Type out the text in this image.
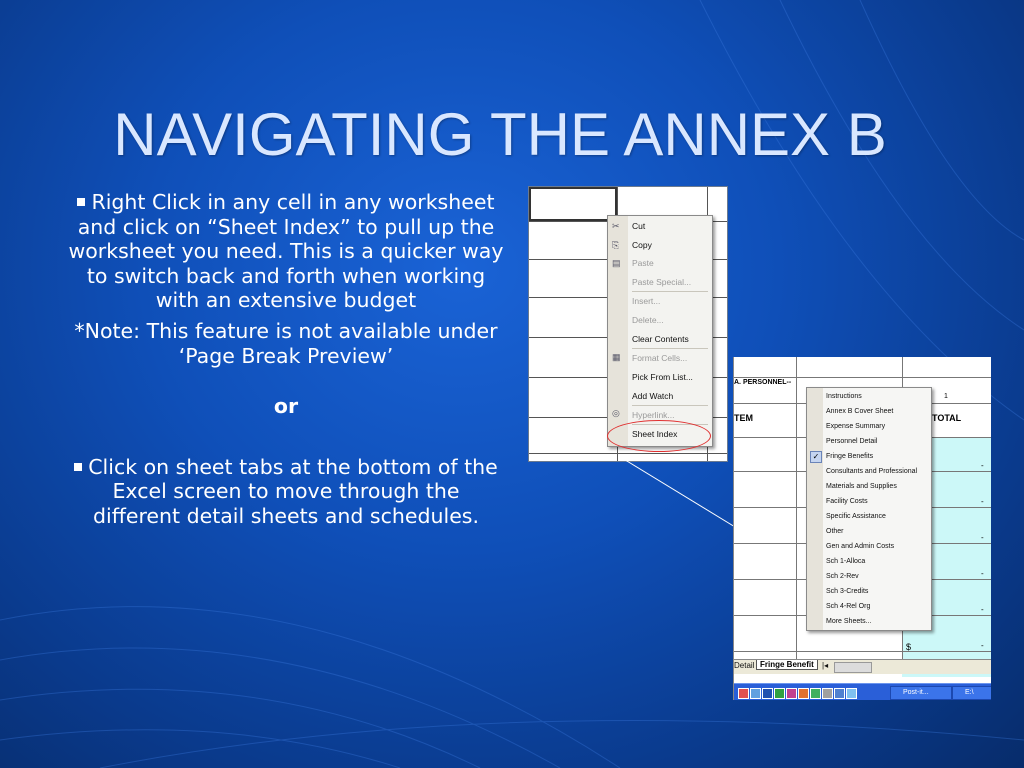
NAVIGATING THE ANNEX B

Right Click in any cell in any worksheet and click on “Sheet Index” to pull up the worksheet you need. This is a quicker way to switch back and forth when working with an extensive budget

*Note: This feature is not available under ‘Page Break Preview’

or

Click on sheet tabs at the bottom of the Excel screen to move through the different detail sheets and schedules.

✂
⎘
▤
▦
◎
Cut
Copy
Paste
Paste Special...
Insert...
Delete...
Clear Contents
Format Cells...
Pick From List...
Add Watch
Hyperlink...
Sheet Index
A. PERSONNEL--
1
TEM	TOTAL
-
-
-
-
-
-
$
✓
Instructions
Annex B Cover Sheet
Expense Summary
Personnel Detail
Fringe Benefits
Consultants and Professional
Materials and Supplies
Facility Costs
Specific Assistance
Other
Gen and Admin Costs
Sch 1-Alloca
Sch 2-Rev
Sch 3-Credits
Sch 4-Rel Org
More Sheets...
Detail Fringe Benefit	|◂
Post-it...	E:\
